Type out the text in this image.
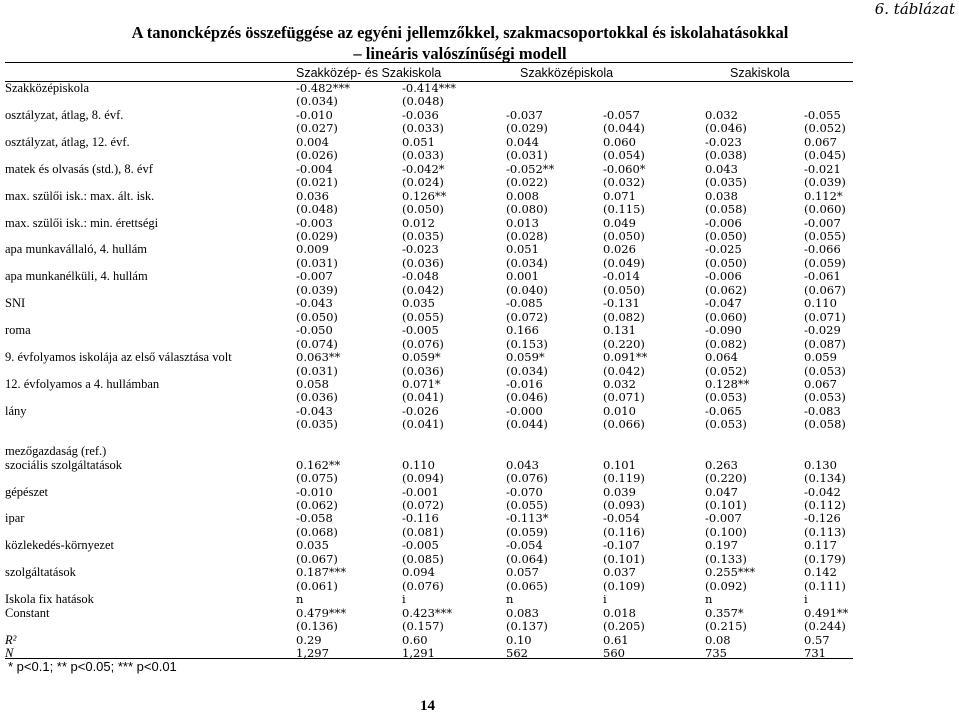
6. táblázat
A tanoncképzés összefüggése az egyéni jellemzőkkel, szakmacsoportokkal és iskolahatásokkal
– lineáris valószínűségi modell
Szakközép- és Szakiskola	Szakközépiskola	Szakiskola
Szakközépiskola	-0.482***	-0.414***				
	(0.034)	(0.048)				
osztályzat, átlag, 8. évf.	-0.010	-0.036	-0.037	-0.057	0.032	-0.055
	(0.027)	(0.033)	(0.029)	(0.044)	(0.046)	(0.052)
osztályzat, átlag, 12. évf.	0.004	0.051	0.044	0.060	-0.023	0.067
	(0.026)	(0.033)	(0.031)	(0.054)	(0.038)	(0.045)
matek és olvasás (std.), 8. évf	-0.004	-0.042*	-0.052**	-0.060*	0.043	-0.021
	(0.021)	(0.024)	(0.022)	(0.032)	(0.035)	(0.039)
max. szülői isk.: max. ált. isk.	0.036	0.126**	0.008	0.071	0.038	0.112*
	(0.048)	(0.050)	(0.080)	(0.115)	(0.058)	(0.060)
max. szülői isk.: min. érettségi	-0.003	0.012	0.013	0.049	-0.006	-0.007
	(0.029)	(0.035)	(0.028)	(0.050)	(0.050)	(0.055)
apa munkavállaló, 4. hullám	0.009	-0.023	0.051	0.026	-0.025	-0.066
	(0.031)	(0.036)	(0.034)	(0.049)	(0.050)	(0.059)
apa munkanélküli, 4. hullám	-0.007	-0.048	0.001	-0.014	-0.006	-0.061
	(0.039)	(0.042)	(0.040)	(0.050)	(0.062)	(0.067)
SNI	-0.043	0.035	-0.085	-0.131	-0.047	0.110
	(0.050)	(0.055)	(0.072)	(0.082)	(0.060)	(0.071)
roma	-0.050	-0.005	0.166	0.131	-0.090	-0.029
	(0.074)	(0.076)	(0.153)	(0.220)	(0.082)	(0.087)
9. évfolyamos iskolája az első választása volt	0.063**	0.059*	0.059*	0.091**	0.064	0.059
	(0.031)	(0.036)	(0.034)	(0.042)	(0.052)	(0.053)
12. évfolyamos a 4. hullámban	0.058	0.071*	-0.016	0.032	0.128**	0.067
	(0.036)	(0.041)	(0.046)	(0.071)	(0.053)	(0.053)
lány	-0.043	-0.026	-0.000	0.010	-0.065	-0.083
	(0.035)	(0.041)	(0.044)	(0.066)	(0.053)	(0.058)

mezőgazdaság (ref.)						
szociális szolgáltatások	0.162**	0.110	0.043	0.101	0.263	0.130
	(0.075)	(0.094)	(0.076)	(0.119)	(0.220)	(0.134)
gépészet	-0.010	-0.001	-0.070	0.039	0.047	-0.042
	(0.062)	(0.072)	(0.055)	(0.093)	(0.101)	(0.112)
ipar	-0.058	-0.116	-0.113*	-0.054	-0.007	-0.126
	(0.068)	(0.081)	(0.059)	(0.116)	(0.100)	(0.113)
közlekedés-környezet	0.035	-0.005	-0.054	-0.107	0.197	0.117
	(0.067)	(0.085)	(0.064)	(0.101)	(0.133)	(0.179)
szolgáltatások	0.187***	0.094	0.057	0.037	0.255***	0.142
	(0.061)	(0.076)	(0.065)	(0.109)	(0.092)	(0.111)
Iskola fix hatások	n	i	n	i	n	i
Constant	0.479***	0.423***	0.083	0.018	0.357*	0.491**
	(0.136)	(0.157)	(0.137)	(0.205)	(0.215)	(0.244)
R²	0.29	0.60	0.10	0.61	0.08	0.57
N	1,297	1,291	562	560	735	731
* p<0.1; ** p<0.05; *** p<0.01
14
